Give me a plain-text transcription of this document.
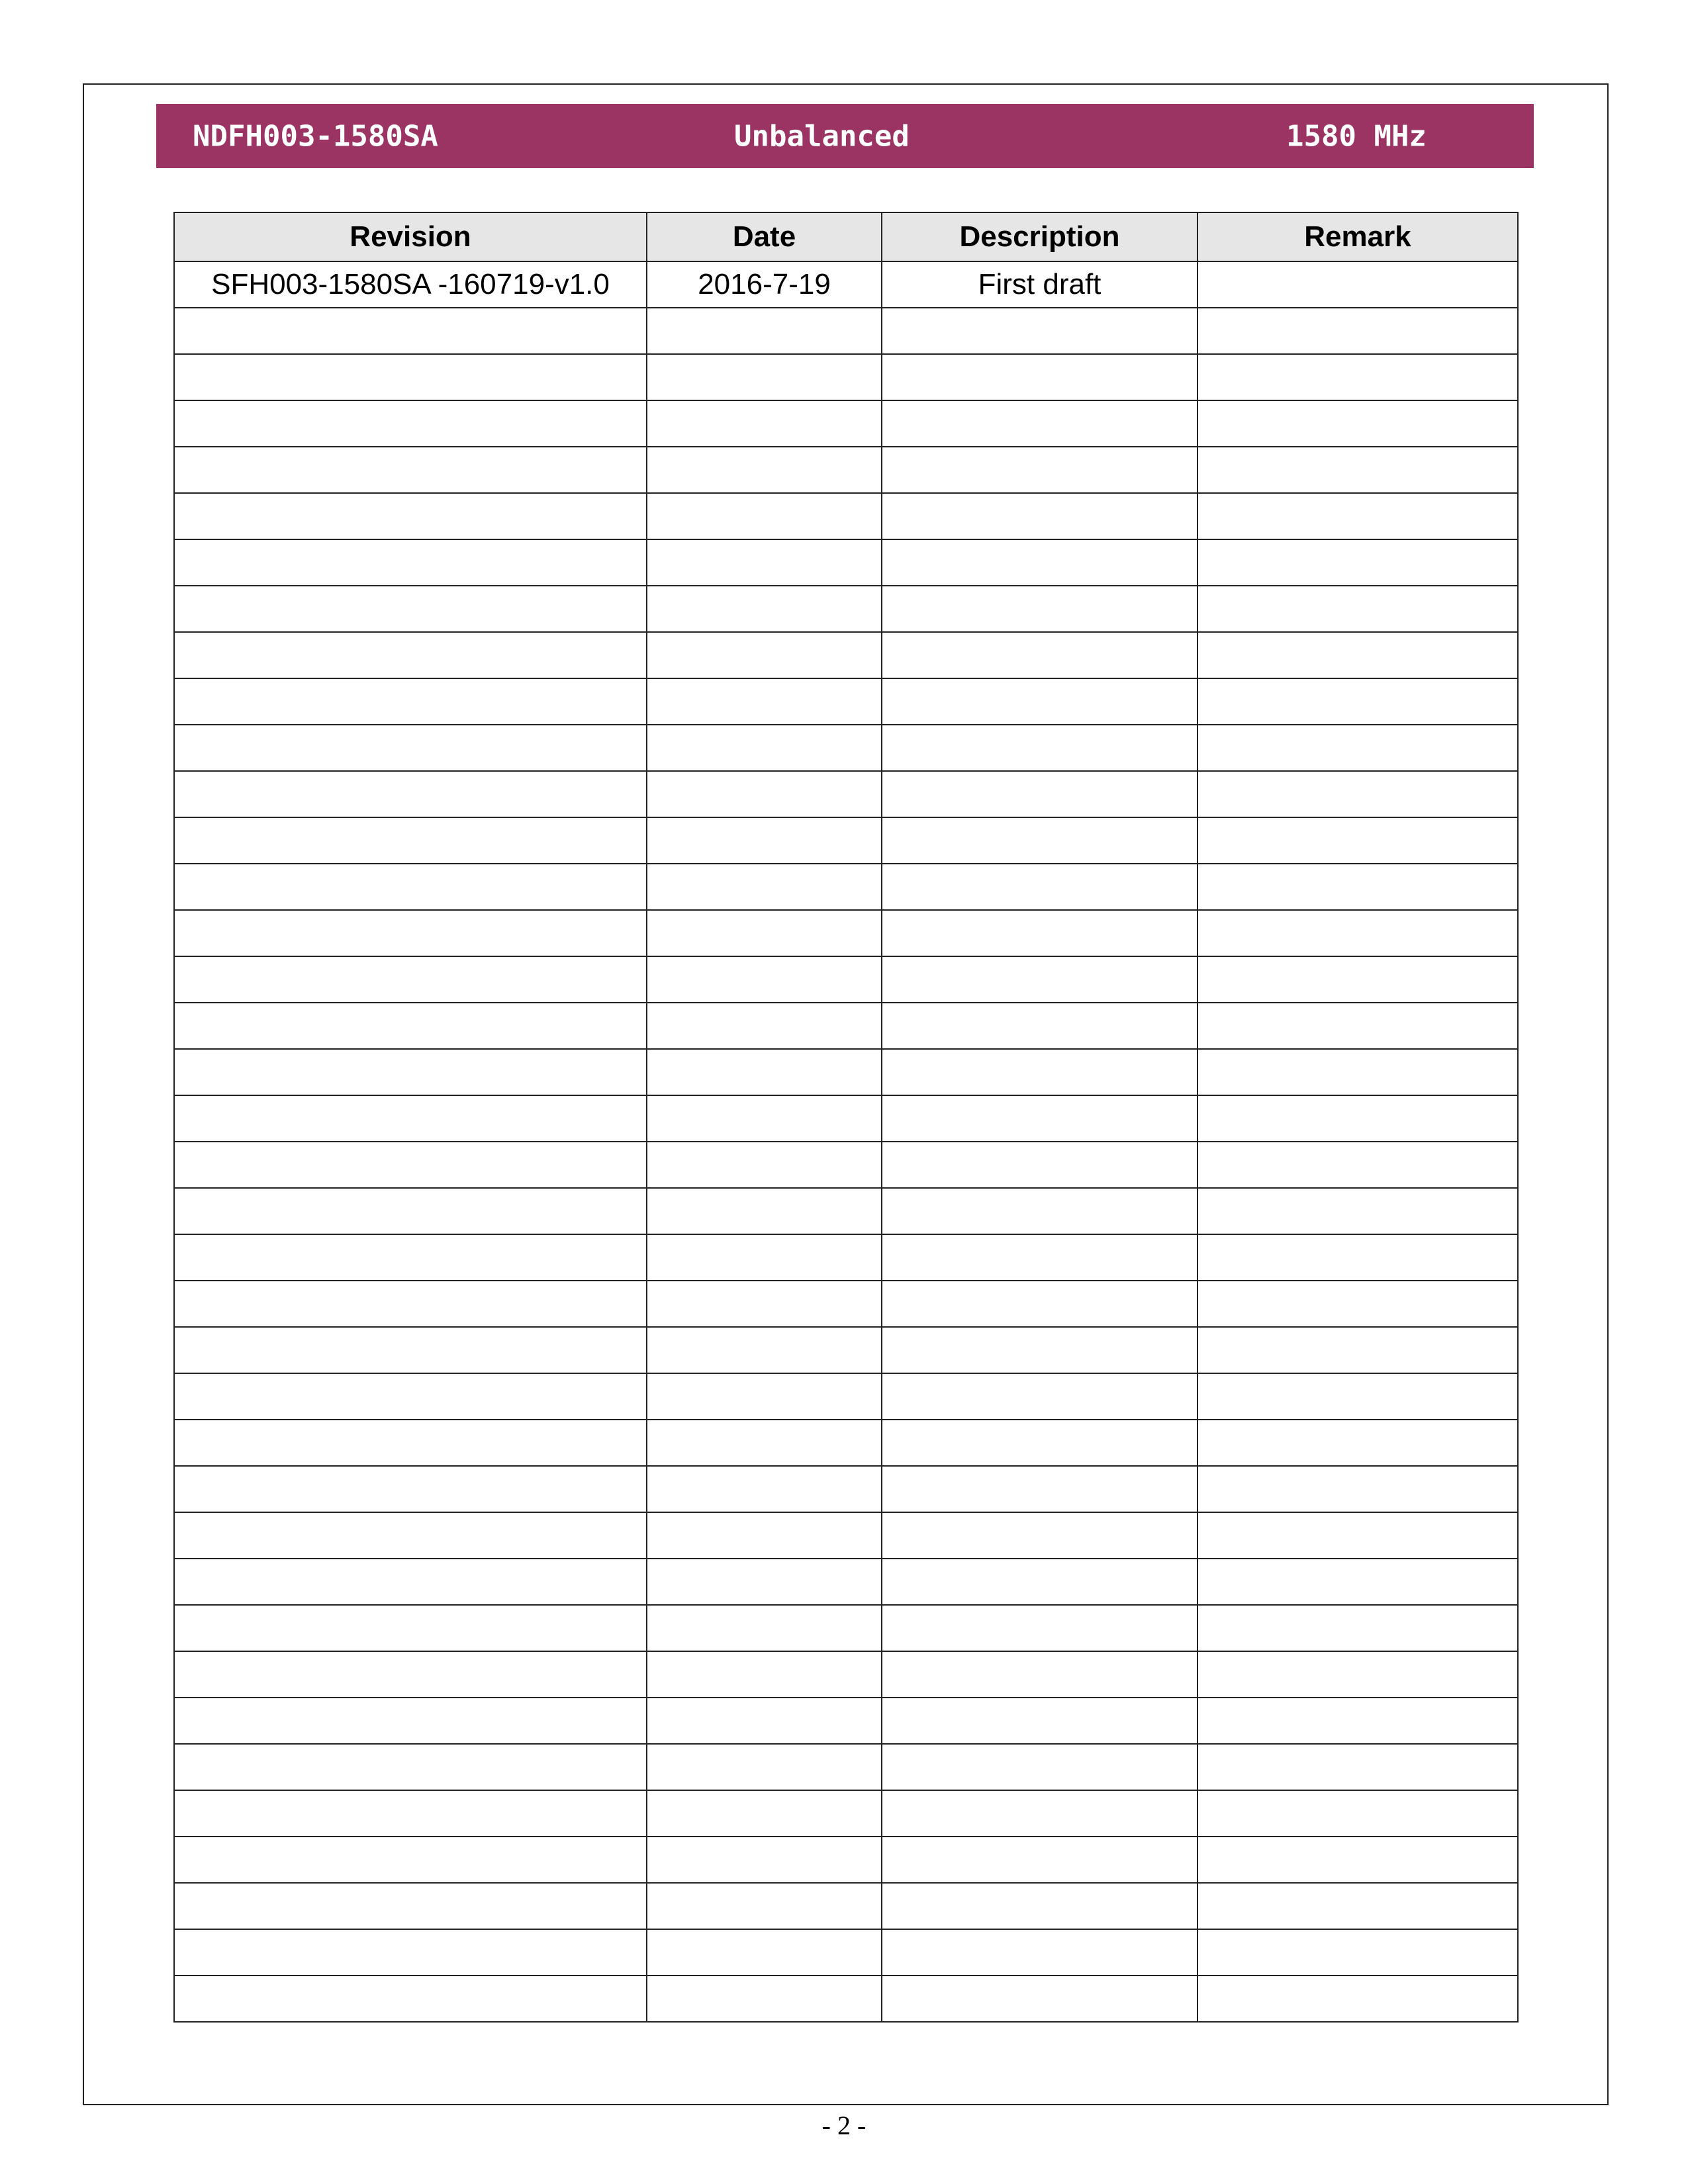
NDFH003-1580SA	Unbalanced	1580 MHz
Revision	Date	Description	Remark
SFH003-1580SA -160719-v1.0	2016-7-19	First draft	

- 2 -
